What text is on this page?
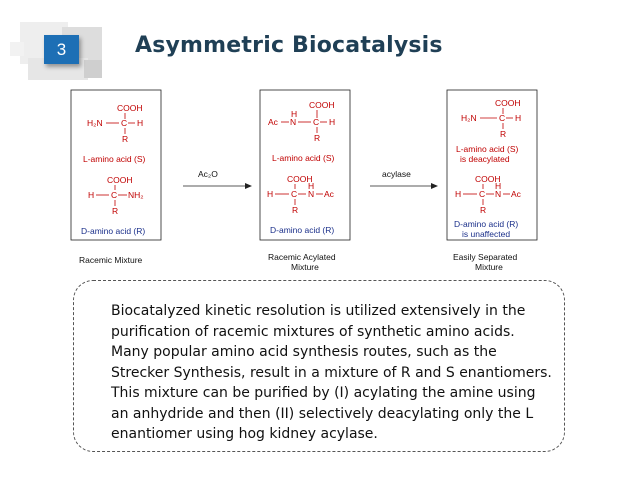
3	Asymmetric Biocatalysis
COOH
H₂N C H
R
L-amino acid (S)
COOH
H C NH₂
R
D-amino acid (R)
Racemic Mixture
Ac₂O
COOH
H
Ac N C H
R
L-amino acid (S)
COOH
H
H C N Ac
R
D-amino acid (R)
Racemic Acylated
Mixture
acylase
COOH
H₂N	C H
R
L-amino acid (S)
is deacylated
COOH
H
H C N Ac
R
D-amino acid (R)
is unaffected
Easily Separated
Mixture

Biocatalyzed kinetic resolution is utilized extensively in the purification of racemic mixtures of synthetic amino acids. Many popular amino acid synthesis routes, such as the Strecker Synthesis, result in a mixture of R and S enantiomers. This mixture can be purified by (I) acylating the amine using an anhydride and then (II) selectively deacylating only the L enantiomer using hog kidney acylase.
